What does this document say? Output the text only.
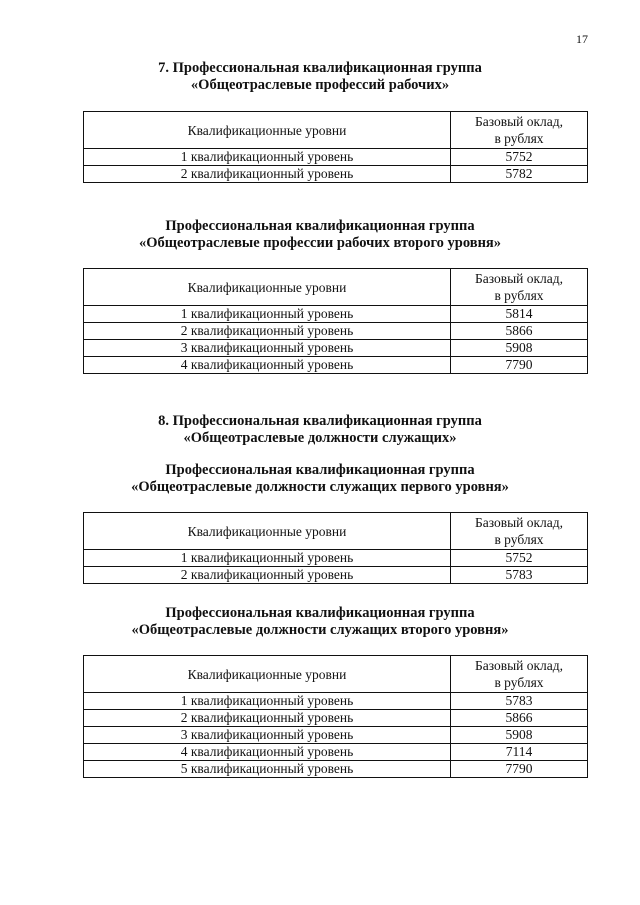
17

7. Профессиональная квалификационная группа
«Общеотраслевые профессий рабочих»

Квалификационные уровни	Базовый оклад,
в рублях

1 квалификационный уровень	5752
2 квалификационный уровень	5782

Профессиональная квалификационная группа
«Общеотраслевые профессии рабочих второго уровня»

Квалификационные уровни	Базовый оклад,
в рублях

1 квалификационный уровень	5814
2 квалификационный уровень	5866
3 квалификационный уровень	5908
4 квалификационный уровень	7790

8. Профессиональная квалификационная группа
«Общеотраслевые должности служащих»
Профессиональная квалификационная группа
«Общеотраслевые должности служащих первого уровня»

Квалификационные уровни	Базовый оклад,
в рублях

1 квалификационный уровень	5752
2 квалификационный уровень	5783

Профессиональная квалификационная группа
«Общеотраслевые должности служащих второго уровня»

Квалификационные уровни	Базовый оклад,
в рублях

1 квалификационный уровень	5783
2 квалификационный уровень	5866
3 квалификационный уровень	5908
4 квалификационный уровень	7114
5 квалификационный уровень	7790
